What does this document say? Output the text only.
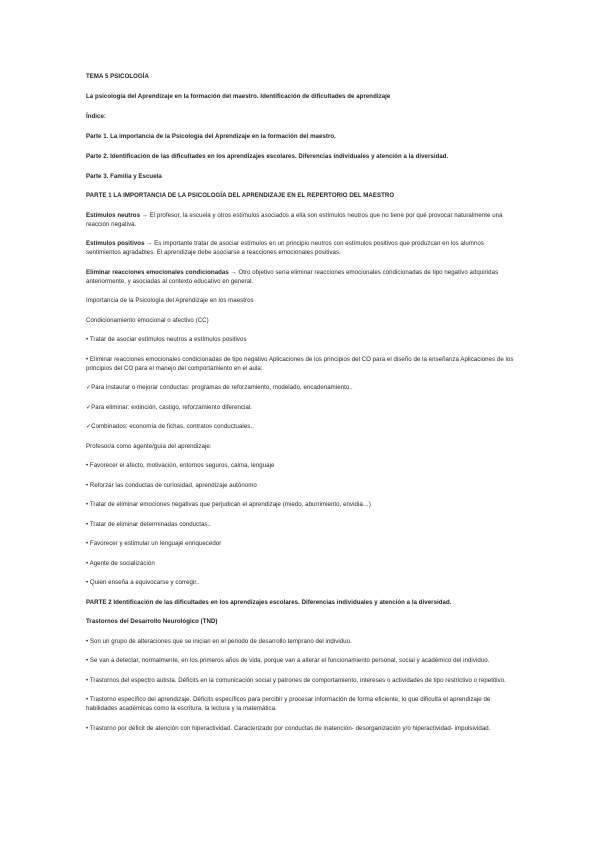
TEMA 5 PSICOLOGÍA

La psicología del Aprendizaje en la formación del maestro. Identificación de dificultades de aprendizaje

Índice:

Parte 1. La importancia de la Psicología del Aprendizaje en la formación del maestro.

Parte 2. Identificación de las dificultades en los aprendizajes escolares. Diferencias individuales y atención a la diversidad.

Parte 3. Familia y Escuela

PARTE 1 LA IMPORTANCIA DE LA PSICOLOGÍA DEL APRENDIZAJE EN EL REPERTORIO DEL MAESTRO

Estímulos neutros → El profesor, la escuela y otros estímulos asociados a ella son estímulos neutros que no tiene por qué provocar naturalmente una reacción negativa.

Estímulos positivos → Es importante tratar de asociar estímulos en un principio neutros con estímulos positivos que produzcan en los alumnos sentimientos agradables. El aprendizaje debe asociarse a reacciones emocionales positivas.

Eliminar reacciones emocionales condicionadas → Otro objetivo sería eliminar reacciones emocionales condicionadas de tipo negativo adquiridas anteriormente, y asociadas al contexto educativo en general.

Importancia de la Psicología del Aprendizaje en los maestros

Condicionamiento emocional o afectivo (CC)

• Tratar de asociar estímulos neutros a estímulos positivos

• Eliminar reacciones emocionales condicionadas de tipo negativo Aplicaciones de los principios del CO para el diseño de la enseñanza Aplicaciones de los principios del CO para el manejo del comportamiento en el aula:

✓Para instaurar o mejorar conductas: programas de reforzamiento, modelado, encadenamiento..

✓Para eliminar: extinción, castigo, reforzamiento diferencial.

✓Combinados: economía de fichas, contratos conductuales..

Profesor/a como agente/guía del aprendizaje:

• Favorecer el afecto, motivación, entornos seguros, calma, lenguaje

• Reforzar las conductas de curiosidad, aprendizaje autónomo

• Tratar de eliminar emociones negativas que perjudican el aprendizaje (miedo, aburrimiento, envidia…)

• Tratar de eliminar determinadas conductas..

• Favorecer y estimular un lenguaje enriquecedor

• Agente de socialización

• Quien enseña a equivocarse y corregir..

PARTE 2 Identificación de las dificultades en los aprendizajes escolares. Diferencias individuales y atención a la diversidad.

Trastornos del Desarrollo Neurológico (TND)

• Son un grupo de alteraciones que se inician en el periodo de desarrollo temprano del individuo.

• Se van a detectar, normalmente, en los primeros años de vida, porque van a alterar el funcionamiento personal, social y académico del individuo.

• Trastornos del espectro autista. Déficits en la comunicación social y patrones de comportamiento, intereses o actividades de tipo restrictivo o repetitivo.

• Trastorno específico del aprendizaje. Déficits específicos para percibir y procesar información de forma eficiente, lo que dificulta el aprendizaje de habilidades académicas como la escritura, la lectura y la matemática.

• Trastorno por déficit de atención con hiperactividad. Caracterizado por conductas de inatención- desorganización y/o hiperactividad- impulsividad.
